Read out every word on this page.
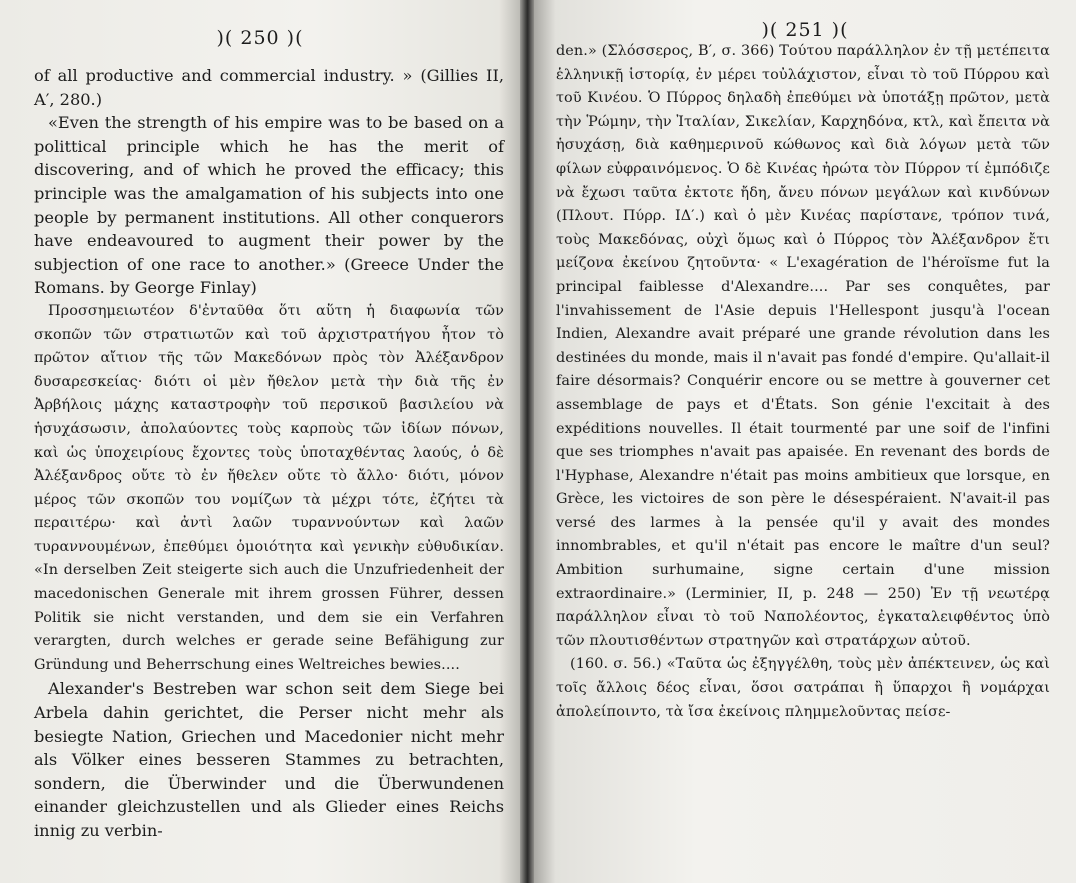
)( 250 )(

of all productive and commercial industry. » (Gillies II, A′, 280.)

«Even the strength of his empire was to be based on a polittical principle which he has the merit of discovering, and of which he proved the efficacy; this principle was the amalgamation of his subjects into one people by permanent institutions. All other conquerors have endeavoured to augment their power by the subjection of one race to another.» (Greece Under the Romans. by George Finlay)

Προσσημειωτέον δ'ἐνταῦθα ὅτι αὕτη ἡ διαφωνία τῶν σκοπῶν τῶν στρατιωτῶν καὶ τοῦ ἀρχιστρατήγου ἦτον τὸ πρῶτον αἴτιον τῆς τῶν Μακεδόνων πρὸς τὸν Ἀλέξανδρον δυσαρεσκείας· διότι οἱ μὲν ἤθελον μετὰ τὴν διὰ τῆς ἐν Ἀρβήλοις μάχης καταστροφὴν τοῦ περσικοῦ βασιλείου νὰ ἡσυχάσωσιν, ἀπολαύοντες τοὺς καρποὺς τῶν ἰδίων πόνων, καὶ ὡς ὑποχειρίους ἔχοντες τοὺς ὑποταχθέντας λαούς, ὁ δὲ Ἀλέξανδρος οὔτε τὸ ἐν ἤθελεν οὔτε τὸ ἄλλο· διότι, μόνον μέρος τῶν σκοπῶν του νομίζων τὰ μέχρι τότε, ἐζήτει τὰ περαιτέρω· καὶ ἀντὶ λαῶν τυραννούντων καὶ λαῶν τυραννουμένων, ἐπεθύμει ὁμοιότητα καὶ γενικὴν εὐθυδικίαν. «In derselben Zeit steigerte sich auch die Unzufriedenheit der macedonischen Generale mit ihrem grossen Führer, dessen Politik sie nicht verstanden, und dem sie ein Verfahren verargten, durch welches er gerade seine Befähigung zur Gründung und Beherrschung eines Weltreiches bewies....

Alexander's Bestreben war schon seit dem Siege bei Arbela dahin gerichtet, die Perser nicht mehr als besiegte Nation, Griechen und Macedonier nicht mehr als Völker eines besseren Stammes zu betrachten, sondern, die Überwinder und die Überwundenen einander gleichzustellen und als Glieder eines Reichs innig zu verbin-

)( 251 )(

den.» (Σλόσσερος, Β′, σ. 366) Τούτου παράλληλον ἐν τῇ μετέπειτα ἑλληνικῇ ἱστορίᾳ, ἐν μέρει τοὐλάχιστον, εἶναι τὸ τοῦ Πύρρου καὶ τοῦ Κινέου. Ὁ Πύρρος δηλαδὴ ἐπεθύμει νὰ ὑποτάξῃ πρῶτον, μετὰ τὴν Ῥώμην, τὴν Ἰταλίαν, Σικελίαν, Καρχηδόνα, κτλ, καὶ ἔπειτα νὰ ἡσυχάσῃ, διὰ καθημερινοῦ κώθωνος καὶ διὰ λόγων μετὰ τῶν φίλων εὐφραινόμενος. Ὁ δὲ Κινέας ἠρώτα τὸν Πύρρον τί ἐμπόδιζε νὰ ἔχωσι ταῦτα ἐκτοτε ἤδη, ἄνευ πόνων μεγάλων καὶ κινδύνων (Πλουτ. Πύρρ. ΙΔ′.) καὶ ὁ μὲν Κινέας παρίστανε, τρόπον τινά, τοὺς Μακεδόνας, οὐχὶ ὅμως καὶ ὁ Πύρρος τὸν Ἀλέξανδρον ἔτι μείζονα ἐκείνου ζητοῦντα· « L'exagération de l'héroïsme fut la principal faiblesse d'Alexandre.... Par ses conquêtes, par l'invahissement de l'Asie depuis l'Hellespont jusqu'à l'ocean Indien, Alexandre avait préparé une grande révolution dans les destinées du monde, mais il n'avait pas fondé d'empire. Qu'allait-il faire désormais? Conquérir encore ou se mettre à gouverner cet assemblage de pays et d'États. Son génie l'excitait à des expéditions nouvelles. Il était tourmenté par une soif de l'infini que ses triomphes n'avait pas apaisée. En revenant des bords de l'Hyphase, Alexandre n'était pas moins ambitieux que lorsque, en Grèce, les victoires de son père le désespéraient. N'avait-il pas versé des larmes à la pensée qu'il y avait des mondes innombrables, et qu'il n'était pas encore le maître d'un seul? Ambition surhumaine, signe certain d'une mission extraordinaire.» (Lerminier, II, p. 248 — 250) Ἐν τῇ νεωτέρᾳ παράλληλον εἶναι τὸ τοῦ Ναπολέοντος, ἐγκαταλειφθέντος ὑπὸ τῶν πλουτισθέντων στρατηγῶν καὶ στρατάρχων αὐτοῦ.

(160. σ. 56.) «Ταῦτα ὡς ἐξηγγέλθη, τοὺς μὲν ἀπέκτεινεν, ὡς καὶ τοῖς ἄλλοις δέος εἶναι, ὅσοι σατράπαι ἢ ὕπαρχοι ἢ νομάρχαι ἀπολείποιντο, τὰ ἴσα ἐκείνοις πλημμελοῦντας πείσε-
